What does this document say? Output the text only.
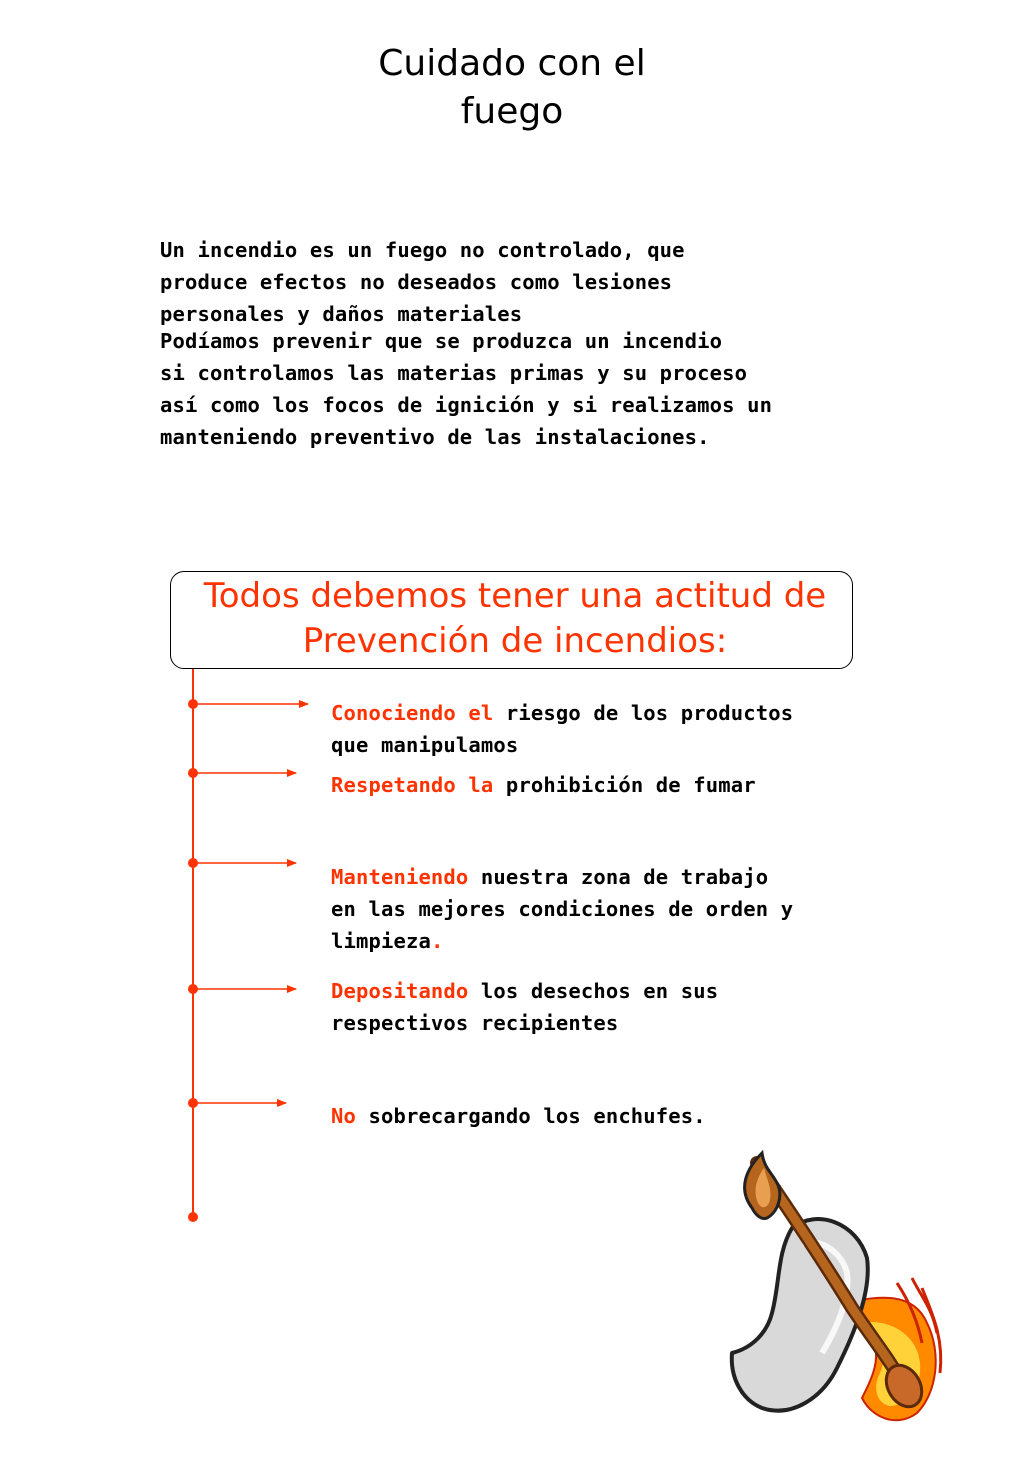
Cuidado con el
fuego
Un incendio es un fuego no controlado, que
produce efectos no deseados como lesiones
personales y daños materiales
Podíamos prevenir que se produzca un incendio
si controlamos las materias primas y su proceso
así como los focos de ignición y si realizamos un
manteniendo preventivo de las instalaciones.
Todos debemos tener una actitud de
Prevención de incendios:
Conociendo el riesgo de los productos
que manipulamos
Respetando la prohibición de fumar
Manteniendo nuestra zona de trabajo
en las mejores condiciones de orden y
limpieza.
Depositando los desechos en sus
respectivos recipientes
No sobrecargando los enchufes.
